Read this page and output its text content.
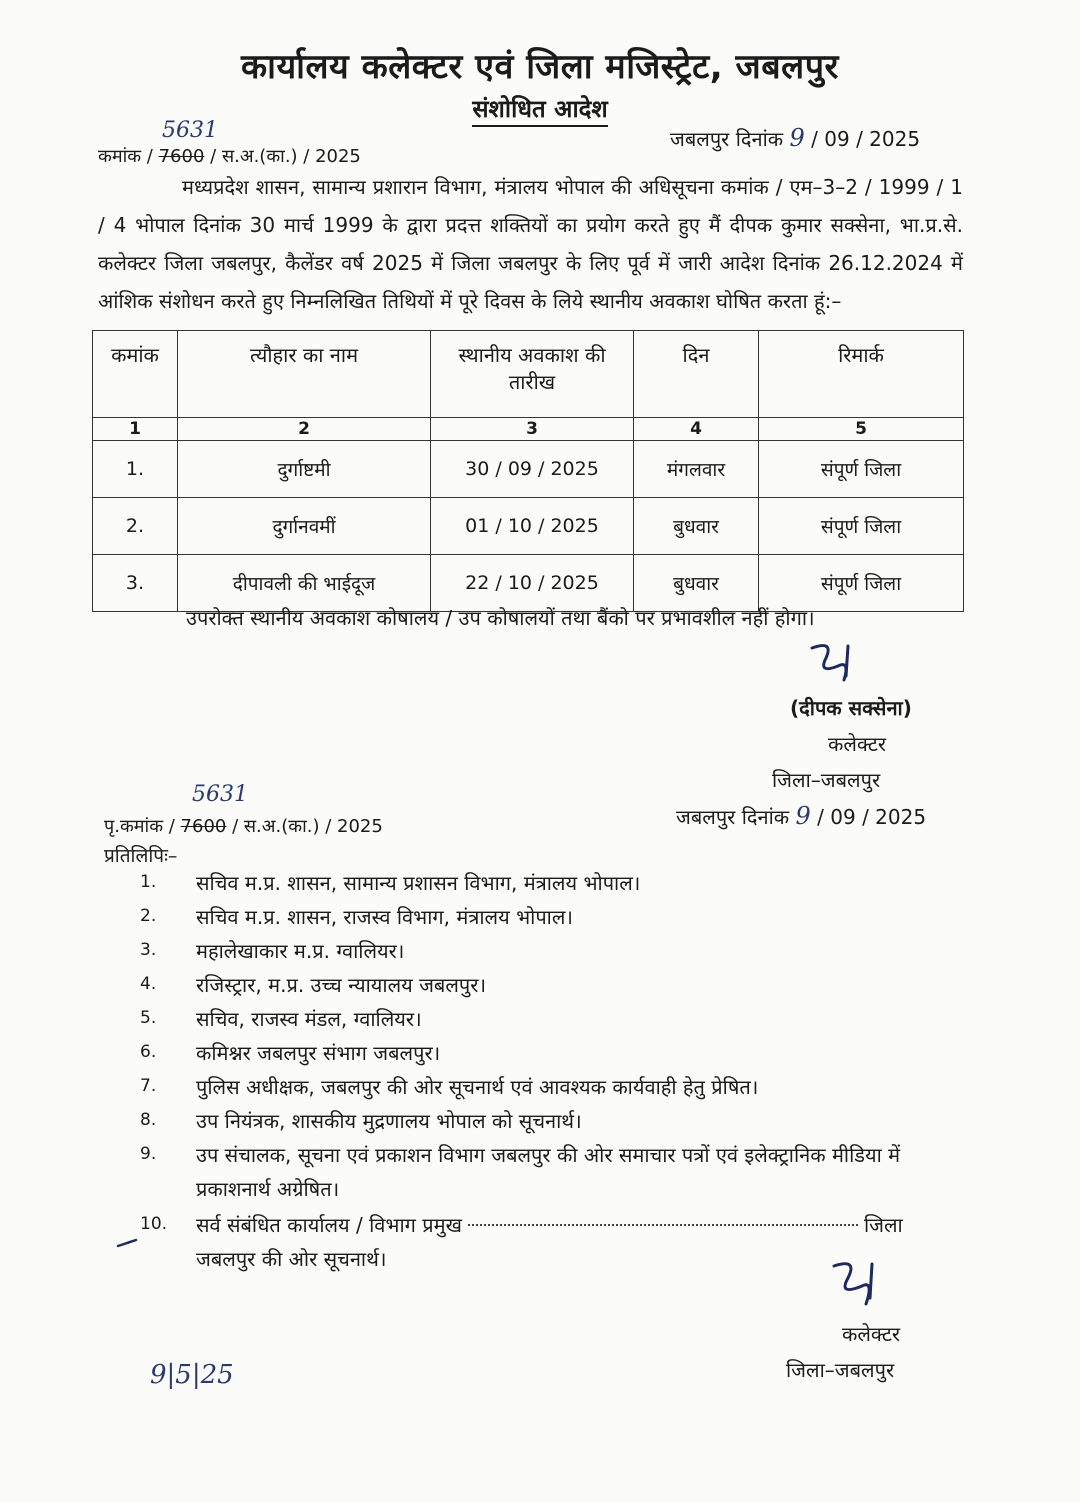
कार्यालय कलेक्टर एवं जिला मजिस्ट्रेट, जबलपुर
संशोधित आदेश
5631
कमांक / 7600 / स.अ.(का.) / 2025
जबलपुर दिनांक 9 / 09 / 2025

मध्यप्रदेश शासन, सामान्य प्रशारान विभाग, मंत्रालय भोपाल की अधिसूचना कमांक / एम–3–2 / 1999 / 1 / 4 भोपाल दिनांक 30 मार्च 1999 के द्वारा प्रदत्त शक्तियों का प्रयोग करते हुए मैं दीपक कुमार सक्सेना, भा.प्र.से. कलेक्टर जिला जबलपुर, कैलेंडर वर्ष 2025 में जिला जबलपुर के लिए पूर्व में जारी आदेश दिनांक 26.12.2024 में आंशिक संशोधन करते हुए निम्नलिखित तिथियों में पूरे दिवस के लिये स्थानीय अवकाश घोषित करता हूं:–

कमांक	त्यौहार का नाम	स्थानीय अवकाश की तारीख	दिन	रिमार्क
1	2	3	4	5
1.	दुर्गाष्टमी	30 / 09 / 2025	मंगलवार	संपूर्ण जिला
2.	दुर्गानवमीं	01 / 10 / 2025	बुधवार	संपूर्ण जिला
3.	दीपावली की भाईदूज	22 / 10 / 2025	बुधवार	संपूर्ण जिला
उपरोक्त स्थानीय अवकाश कोषालय / उप कोषालयों तथा बैंको पर प्रभावशील नहीं होगा।
(दीपक सक्सेना)
कलेक्टर
जिला–जबलपुर
5631
पृ.कमांक / 7600 / स.अ.(का.) / 2025	जबलपुर दिनांक 9 / 09 / 2025
प्रतिलिपिः–
1.	सचिव म.प्र. शासन, सामान्य प्रशासन विभाग, मंत्रालय भोपाल।
2.	सचिव म.प्र. शासन, राजस्व विभाग, मंत्रालय भोपाल।
3.	महालेखाकार म.प्र. ग्वालियर।
4.	रजिस्ट्रार, म.प्र. उच्च न्यायालय जबलपुर।
5.	सचिव, राजस्व मंडल, ग्वालियर।
6.	कमिश्नर जबलपुर संभाग जबलपुर।
7.	पुलिस अधीक्षक, जबलपुर की ओर सूचनार्थ एवं आवश्यक कार्यवाही हेतु प्रेषित।
8.	उप नियंत्रक, शासकीय मुद्रणालय भोपाल को सूचनार्थ।
9.	उप संचालक, सूचना एवं प्रकाशन विभाग जबलपुर की ओर समाचार पत्रों एवं इलेक्ट्रानिक मीडिया में प्रकाशनार्थ अग्रेषित।
10.	सर्व संबंधित कार्यालय / विभाग प्रमुख	जिला
जबलपुर की ओर सूचनार्थ।
कलेक्टर
जिला–जबलपुर
9|5|25
